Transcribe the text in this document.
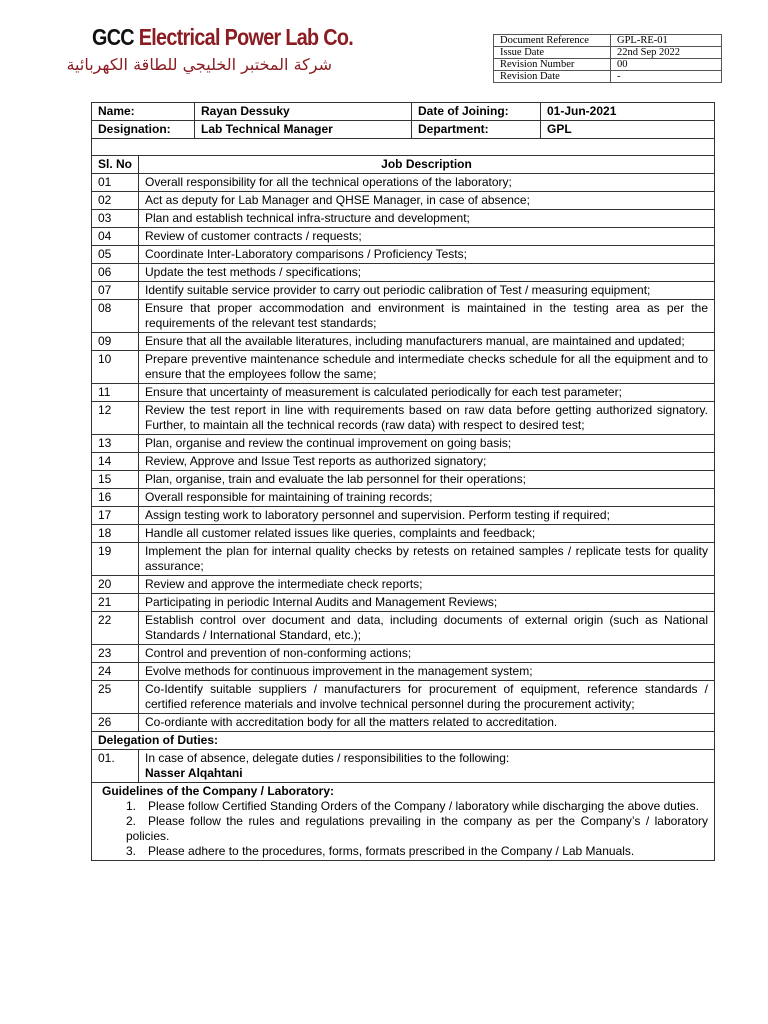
GCC Electrical Power Lab Co.
شركة المختبر الخليجي للطاقة الكهربائية
Document Reference	GPL-RE-01
Issue Date	22nd Sep 2022
Revision Number	00
Revision Date	-
Name:		Rayan Dessuky	Date of Joining:	01-Jun-2021
Designation:		Lab Technical Manager	Department:	GPL

Sl. No	Job Description			
01	Overall responsibility for all the technical operations of the laboratory;			
02	Act as deputy for Lab Manager and QHSE Manager, in case of absence;			
03	Plan and establish technical infra-structure and development;			
04	Review of customer contracts / requests;			
05	Coordinate Inter-Laboratory comparisons / Proficiency Tests;			
06	Update the test methods / specifications;			
07	Identify suitable service provider to carry out periodic calibration of Test / measuring equipment;			
08	Ensure that proper accommodation and environment is maintained in the testing area as per the requirements of the relevant test standards;			
09	Ensure that all the available literatures, including manufacturers manual, are maintained and updated;			
10	Prepare preventive maintenance schedule and intermediate checks schedule for all the equipment and to ensure that the employees follow the same;			
11	Ensure that uncertainty of measurement is calculated periodically for each test parameter;			
12	Review the test report in line with requirements based on raw data before getting authorized signatory. Further, to maintain all the technical records (raw data) with respect to desired test;			
13	Plan, organise and review the continual improvement on going basis;			
14	Review, Approve and Issue Test reports as authorized signatory;			
15	Plan, organise, train and evaluate the lab personnel for their operations;			
16	Overall responsible for maintaining of training records;			
17	Assign testing work to laboratory personnel and supervision. Perform testing if required;			
18	Handle all customer related issues like queries, complaints and feedback;			
19	Implement the plan for internal quality checks by retests on retained samples / replicate tests for quality assurance;			
20	Review and approve the intermediate check reports;			
21	Participating in periodic Internal Audits and Management Reviews;			
22	Establish control over document and data, including documents of external origin (such as National Standards / International Standard, etc.);			
23	Control and prevention of non-conforming actions;			
24	Evolve methods for continuous improvement in the management system;			
25	Co-Identify suitable suppliers / manufacturers for procurement of equipment, reference standards / certified reference materials and involve technical personnel during the procurement activity;			
26	Co-ordiante with accreditation body for all the matters related to accreditation.			
Delegation of Duties:				
01.	In case of absence, delegate duties / responsibilities to the following:
Nasser Alqahtani			

Guidelines of the Company / Laboratory:
1. Please follow Certified Standing Orders of the Company / laboratory while discharging the above duties.
2. Please follow the rules and regulations prevailing in the company as per the Company’s / laboratory policies.
3. Please adhere to the procedures, forms, formats prescribed in the Company / Lab Manuals.				
